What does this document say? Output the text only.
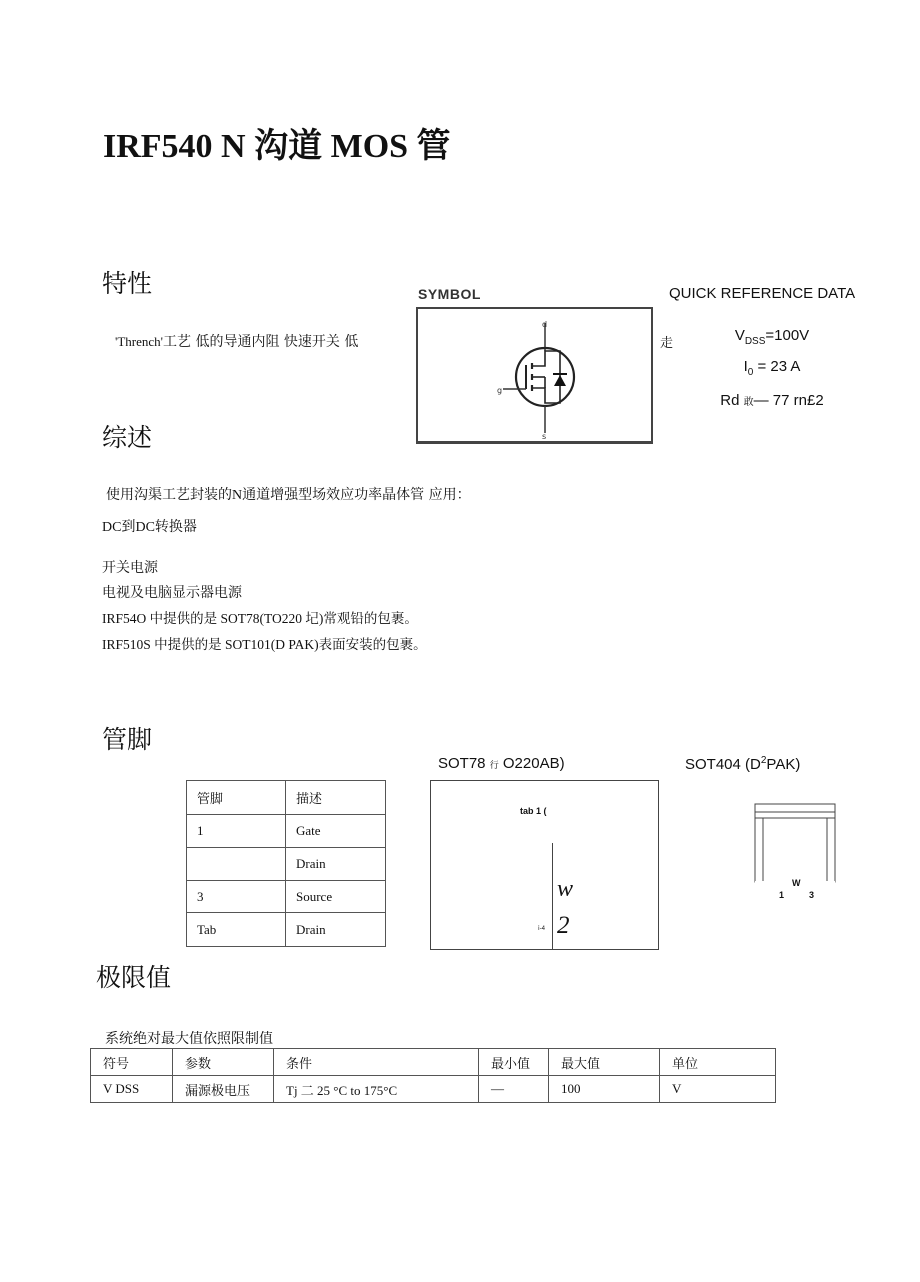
IRF540 N 沟道 MOS 管
特性
'Thrench'工艺 低的导通内阻 快速开关 低	走
SYMBOL
d
g
s
QUICK REFERENCE DATA
$V_{DSS}=100V$
$I_0 = 23$ A
Rd 敢— 77 rn£2
综述
使用沟渠工艺封装的N通道增强型场效应功率晶体管 应用：
DC到DC转换器
开关电源
电视及电脑显示器电源
IRF54O 中提供的是 SOT78(TO220 圮)常观铅的包裹。
IRF510S 中提供的是 SOT101(D PAK)表面安装的包裹。
管脚
管脚	描述
1	Gate
	Drain
3	Source
Tab	Drain
SOT78 行 O220AB)
tab 1 (
w
2
ⅰ-4
SOT404 $(D^2PAK)$
W
1	3
极限值
系统绝对最大值依照限制值
符号	参数	条件	最小值	最大值	单位
V DSS	漏源极电压	Tj 二 25 °C to 175°C	—	100	V
